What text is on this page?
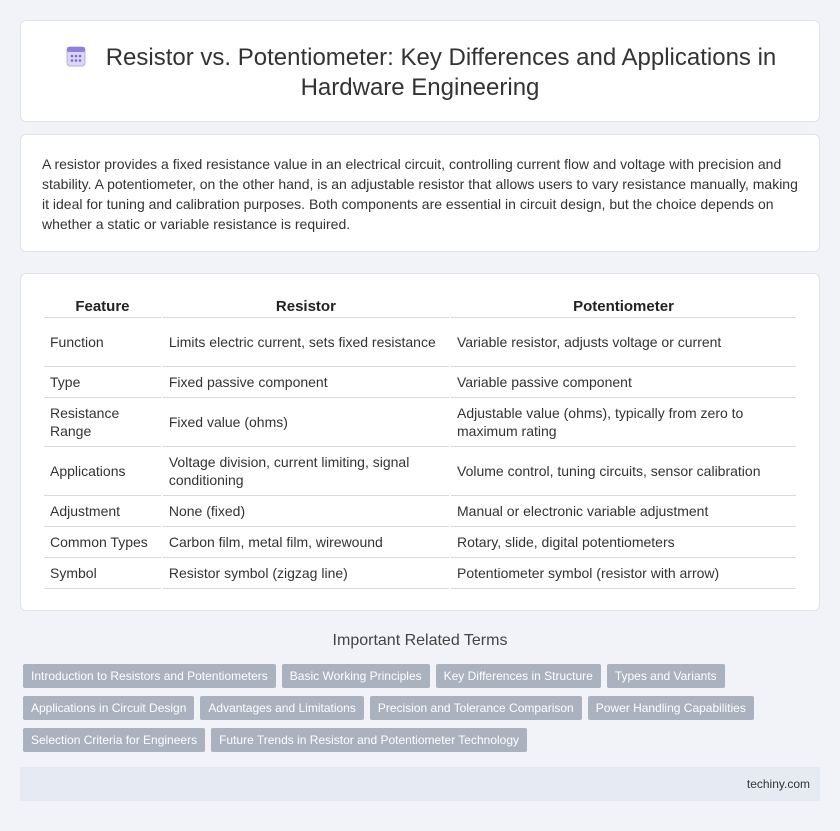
Resistor vs. Potentiometer: Key Differences and Applications in
Hardware Engineering

A resistor provides a fixed resistance value in an electrical circuit, controlling current flow and voltage with precision and stability. A potentiometer, on the other hand, is an adjustable resistor that allows users to vary resistance manually, making it ideal for tuning and calibration purposes. Both components are essential in circuit design, but the choice depends on whether a static or variable resistance is required.

Feature	Resistor	Potentiometer
Function	Limits electric current, sets fixed resistance	Variable resistor, adjusts voltage or current
Type	Fixed passive component	Variable passive component
Resistance Range	Fixed value (ohms)	Adjustable value (ohms), typically from zero to maximum rating
Applications	Voltage division, current limiting, signal conditioning	Volume control, tuning circuits, sensor calibration
Adjustment	None (fixed)	Manual or electronic variable adjustment
Common Types	Carbon film, metal film, wirewound	Rotary, slide, digital potentiometers
Symbol	Resistor symbol (zigzag line)	Potentiometer symbol (resistor with arrow)
Important Related Terms
Introduction to Resistors and Potentiometers Basic Working Principles Key Differences in Structure Types and Variants
Applications in Circuit Design Advantages and Limitations Precision and Tolerance Comparison Power Handling Capabilities
Selection Criteria for Engineers Future Trends in Resistor and Potentiometer Technology
techiny.com
